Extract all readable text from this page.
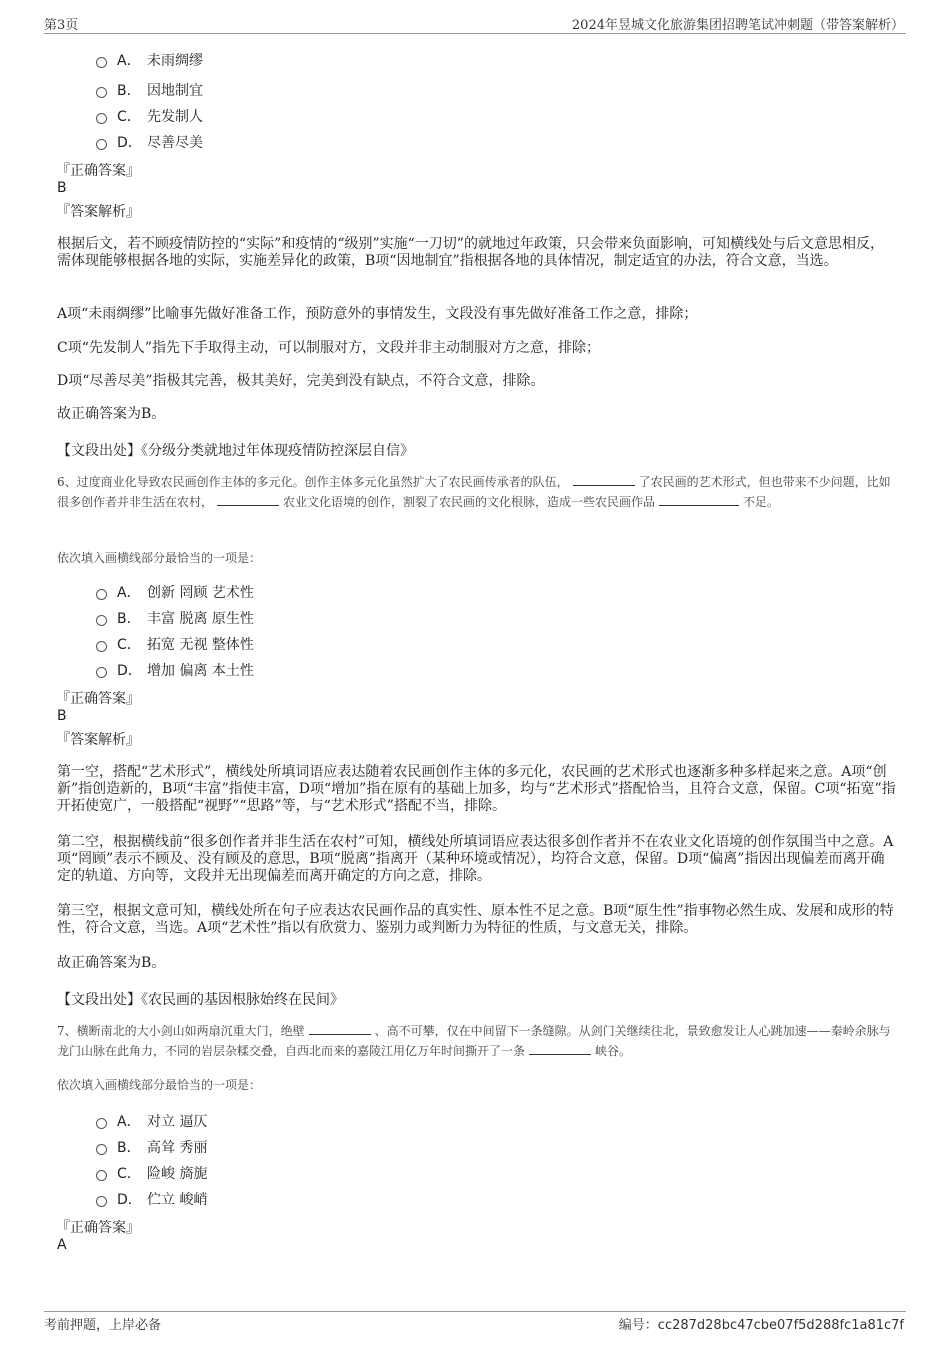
第3页	2024年昱城文化旅游集团招聘笔试冲刺题（带答案解析）
A． 未雨绸缪
B． 因地制宜
C． 先发制人
D． 尽善尽美
『正确答案』
B
『答案解析』
根据后文，若不顾疫情防控的“实际”和疫情的“级别”实施“一刀切”的就地过年政策，只会带来负面影响，可知横线处与后文意思相反，需体现能够根据各地的实际，实施差异化的政策，B项“因地制宜”指根据各地的具体情况，制定适宜的办法，符合文意，当选。
A项“未雨绸缪”比喻事先做好准备工作，预防意外的事情发生，文段没有事先做好准备工作之意，排除；
C项“先发制人”指先下手取得主动，可以制服对方，文段并非主动制服对方之意，排除；
D项“尽善尽美”指极其完善，极其美好，完美到没有缺点，不符合文意，排除。
故正确答案为B。
【文段出处】《分级分类就地过年体现疫情防控深层自信》
6、过度商业化导致农民画创作主体的多元化。创作主体多元化虽然扩大了农民画传承者的队伍，	了农民画的艺术形式，但也带来不少问题，比如很多创作者并非生活在农村，	农业文化语境的创作，割裂了农民画的文化根脉，造成一些农民画作品	不足。
依次填入画横线部分最恰当的一项是：
A． 创新 罔顾 艺术性
B． 丰富 脱离 原生性
C． 拓宽 无视 整体性
D． 增加 偏离 本土性
『正确答案』
B
『答案解析』
第一空，搭配“艺术形式”，横线处所填词语应表达随着农民画创作主体的多元化，农民画的艺术形式也逐渐多种多样起来之意。A项“创新”指创造新的，B项“丰富”指使丰富，D项“增加”指在原有的基础上加多，均与“艺术形式”搭配恰当，且符合文意，保留。C项“拓宽”指开拓使宽广，一般搭配“视野”“思路”等，与“艺术形式”搭配不当，排除。
第二空，根据横线前“很多创作者并非生活在农村”可知，横线处所填词语应表达很多创作者并不在农业文化语境的创作氛围当中之意。A项“罔顾”表示不顾及、没有顾及的意思，B项“脱离”指离开（某种环境或情况），均符合文意，保留。D项“偏离”指因出现偏差而离开确定的轨道、方向等，文段并无出现偏差而离开确定的方向之意，排除。
第三空，根据文意可知，横线处所在句子应表达农民画作品的真实性、原本性不足之意。B项“原生性”指事物必然生成、发展和成形的特性，符合文意，当选。A项“艺术性”指以有欣赏力、鉴别力或判断力为特征的性质，与文意无关，排除。
故正确答案为B。
【文段出处】《农民画的基因根脉始终在民间》
7、横断南北的大小剑山如两扇沉重大门，绝壁	、高不可攀，仅在中间留下一条缝隙。从剑门关继续往北，景致愈发让人心跳加速——秦岭余脉与龙门山脉在此角力，不同的岩层杂糅交叠，自西北而来的嘉陵江用亿万年时间撕开了一条	峡谷。
依次填入画横线部分最恰当的一项是：
A． 对立 逼仄
B． 高耸 秀丽
C． 险峻 旖旎
D． 伫立 峻峭
『正确答案』
A
考前押题，上岸必备	编号：cc287d28bc47cbe07f5d288fc1a81c7f
